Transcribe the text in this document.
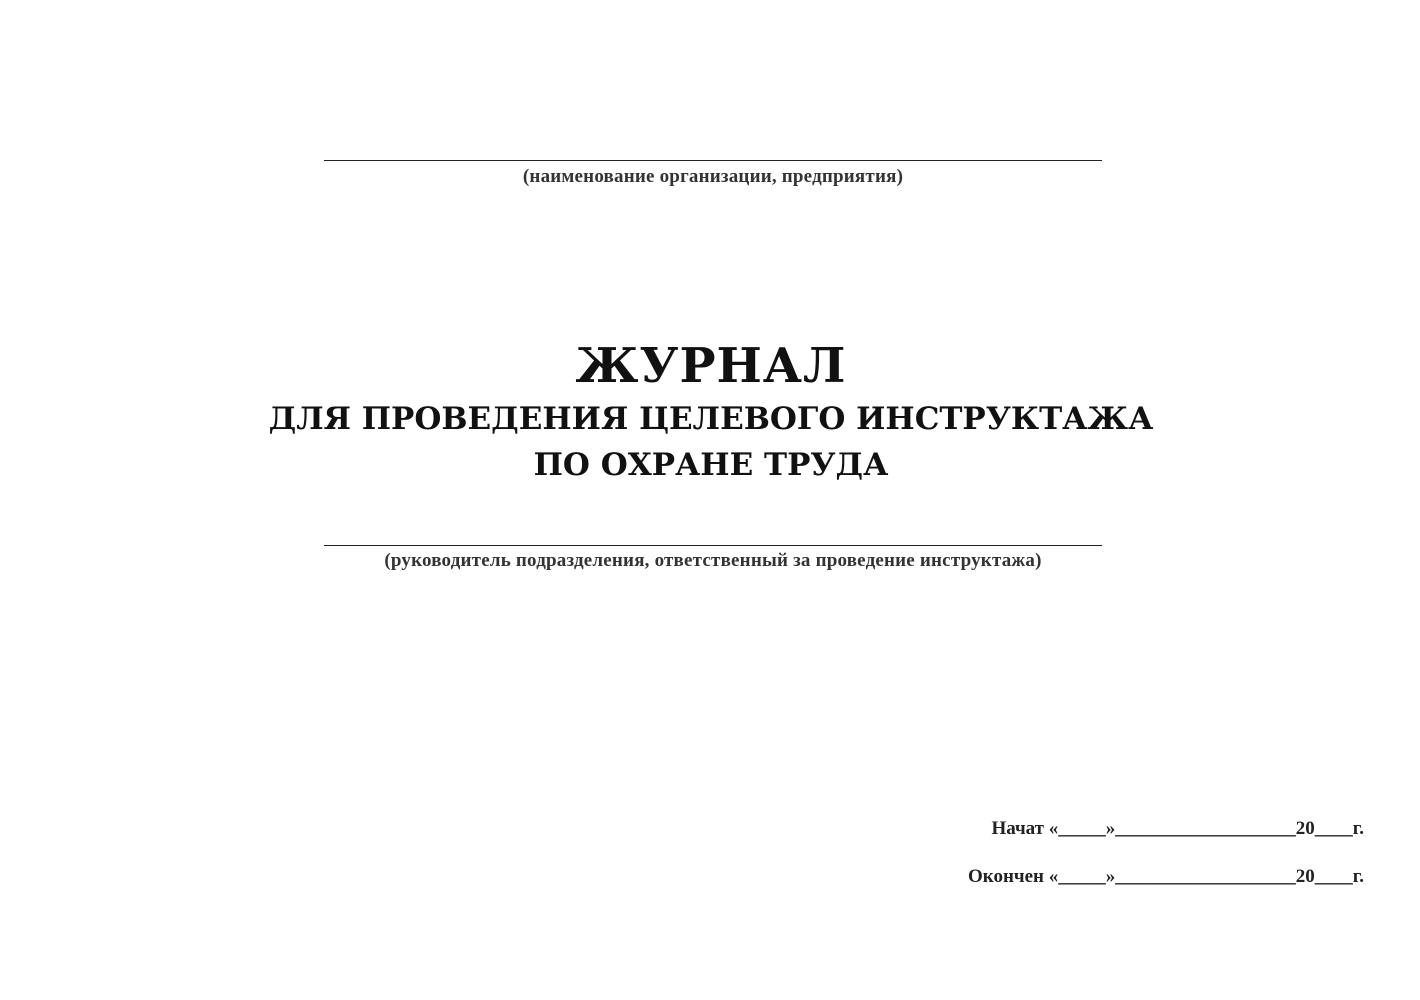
(наименование организации, предприятия)
ЖУРНАЛ
ДЛЯ ПРОВЕДЕНИЯ ЦЕЛЕВОГО ИНСТРУКТАЖА
ПО ОХРАНЕ ТРУДА
(руководитель подразделения, ответственный за проведение инструктажа)
Начат «_____»___________________20____г.
Окончен «_____»___________________20____г.
